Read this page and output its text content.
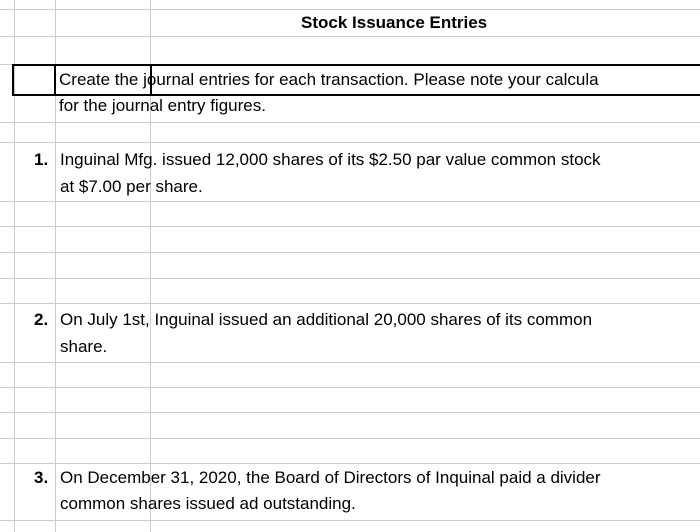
Stock Issuance Entries
Create the journal entries for each transaction. Please note your calcula
for the journal entry figures.
1. Inguinal Mfg. issued 12,000 shares of its $2.50 par value common stock
at $7.00 per share.
2. On July 1st, Inguinal issued an additional 20,000 shares of its common
share.
3. On December 31, 2020, the Board of Directors of Inquinal paid a divider
common shares issued ad outstanding.
